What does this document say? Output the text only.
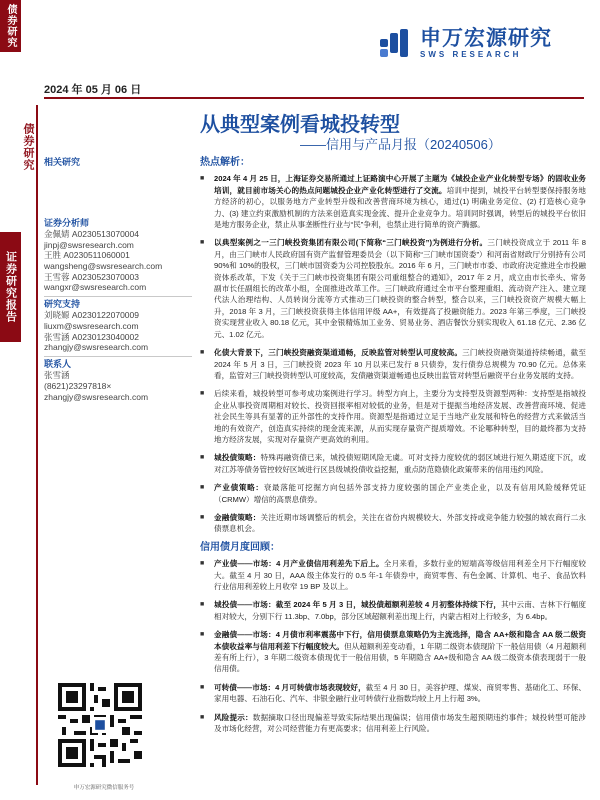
债券研究
债券研究
证券研究报告
申万宏源研究
SWS RESEARCH
2024 年 05 月 06 日
从典型案例看城投转型
——信用与产品月报（20240506）
相关研究
证券分析师
金佩婧 A0230513070004
jinpj@swsresearch.com
王胜 A0230511060001
wangsheng@swsresearch.com
王雪蓉 A0230523070003
wangxr@swsresearch.com
研究支持
刘晓嫄 A0230122070009
liuxm@swsresearch.com
张雪涵 A0230123040002
zhangjy@swsresearch.com
联系人
张雪涵
(8621)23297818×
zhangjy@swsresearch.com
申万宏源研究微信服务号
热点解析：
■	2024 年 4 月 25 日，上海证券交易所通过上证路演中心开展了主题为《城投企业产业化转型专场》的固收业务培训，就目前市场关心的热点问题城投企业产业化转型进行了交流。培训中提到，城投平台转型要保持服务地方经济的初心，以服务地方产业转型升级和改善营商环境为核心，通过(1) 明确业务定位、(2) 打造核心竞争力、(3) 建立约束激励机制的方法来创造真实现金流、提升企业竞争力。培训同时强调，转型后的城投平台依旧是地方服务企业，禁止从事垄断性行业与“民”争利，也禁止进行简单的资产腾挪。
■	以典型案例之一三门峡投资集团有限公司(下简称“三门峡投资”)为例进行分析。三门峡投资成立于 2011 年 8 月，由三门峡市人民政府国有资产监督管理委员会（以下简称“三门峡市国资委”）和河南省财政厅分别持有公司 90%和 10%的股权，三门峡市国资委为公司控股股东。2016 年 6 月，三门峡市市委、市政府决定推进全市投融资体系改革，下发《关于三门峡市投资集团有限公司重组整合的通知》，2017 年 2 月，成立由市长牵头、常务副市长任副组长的改革小组，全面推进改革工作。三门峡政府通过全市平台整理重组、流动资产注入、建立现代法人治理结构、人员转岗分流等方式推动三门峡投资的整合转型，整合以来，三门峡投资资产规模大幅上升，2018 年 3 月，三门峡投资获得主体信用评级 AA+，有效提高了投融资能力。2023 年第三季度，三门峡投资实现营业收入 80.18 亿元，其中金银精炼加工业务、贸易业务、酒店餐饮分别实现收入 61.18 亿元、2.36 亿元、1.02 亿元。
■	化债大背景下，三门峡投资融资渠道通畅，反映监管对转型认可度较高。三门峡投资融资渠道持续畅通，截至 2024 年 5 月 3 日，三门峡投资 2023 年 10 月以来已发行 8 只债券，发行债券总规模为 70.90 亿元。总体来看，监管对三门峡投资转型认可度较高，发债融资渠道畅通也反映出监管对转型后融资平台业务发展的支持。
■	后续来看，城投转型可参考成功案例进行学习。转型方向上，主要分为支持型及资源型两种：支持型是指城投企业从事投资周期相对较长、投资回报率相对较低的业务，但是对于提振当地经济发展、改善营商环境、促进社会民生等具有显著的正外部性的支持作用。资源型是指通过立足于当地产业发展和特色的经营方式来做活当地的有效资产，创造真实持续的现金流来源，从而实现存量资产提质增效。不论哪种转型，目的最终都为支持地方经济发展，实现对存量资产更高效的利用。
■	城投债策略：特殊再融资债已来，城投债短期风险无虞。可对支持力度较优的弱区域进行短久期适度下沉，或对江苏等债务管控较好区域进行区县级城投债收益挖掘，重点防范隐债化政策带来的信用违约风险。
■	产业债策略：衰最落能可挖掘方向包括外部支持力度较强的国企产业类企业，以及有信用风险缓释凭证（CRMW）增信的高票息债券。
■	金融债策略：关注近期市场调整后的机会，关注在省份内规模较大、外部支持或竞争能力较强的城农商行二永债票息机会。
信用债月度回顾：
■	产业债——市场：4 月产业债信用利差先下后上。全月来看，多数行业的短端高等级信用利差全月下行幅度较大。截至 4 月 30 日，AAA 级主体发行的 0.5 年-1 年债券中，商贸零售、有色金属、计算机、电子、食品饮料行业信用利差较上月收窄 19 BP 及以上。
■	城投债——市场：截至 2024 年 5 月 3 日，城投债超额利差较 4 月初整体持续下行，其中云南、吉林下行幅度相对较大，分别下行 11.3bp、7.0bp，部分区域超额利差出现上行，内蒙古相对上行较多，为 6.4bp。
■	金融债——市场：4 月债市利率震荡中下行，信用债票息策略仍为主流选择，隐含 AA+级和隐含 AA 级二级资本债收益率与信用利差下行幅度较大。但从超额利差变动看，1 年期二级资本债现阶下一般信用债（4 月超额利差有所上行），3 年期二级资本债现优于一般信用债，5 年期隐含 AA+级和隐含 AA 级二级资本债表现弱于一般信用债。
■	可转债——市场：4 月可转债市场表现较好，截至 4 月 30 日，美容护理、煤炭、商贸零售、基础化工、环保、家用电器、石油石化、汽车、非银金融行业可转债行业指数均较上月上行超 3%。
■	风险提示：数据摘取口径出现偏差导致实际结果出现偏误；信用债市场发生超预期违约事件；城投转型可能涉及市场化经营，对公司经营能力有更高要求；信用利差上行风险。
